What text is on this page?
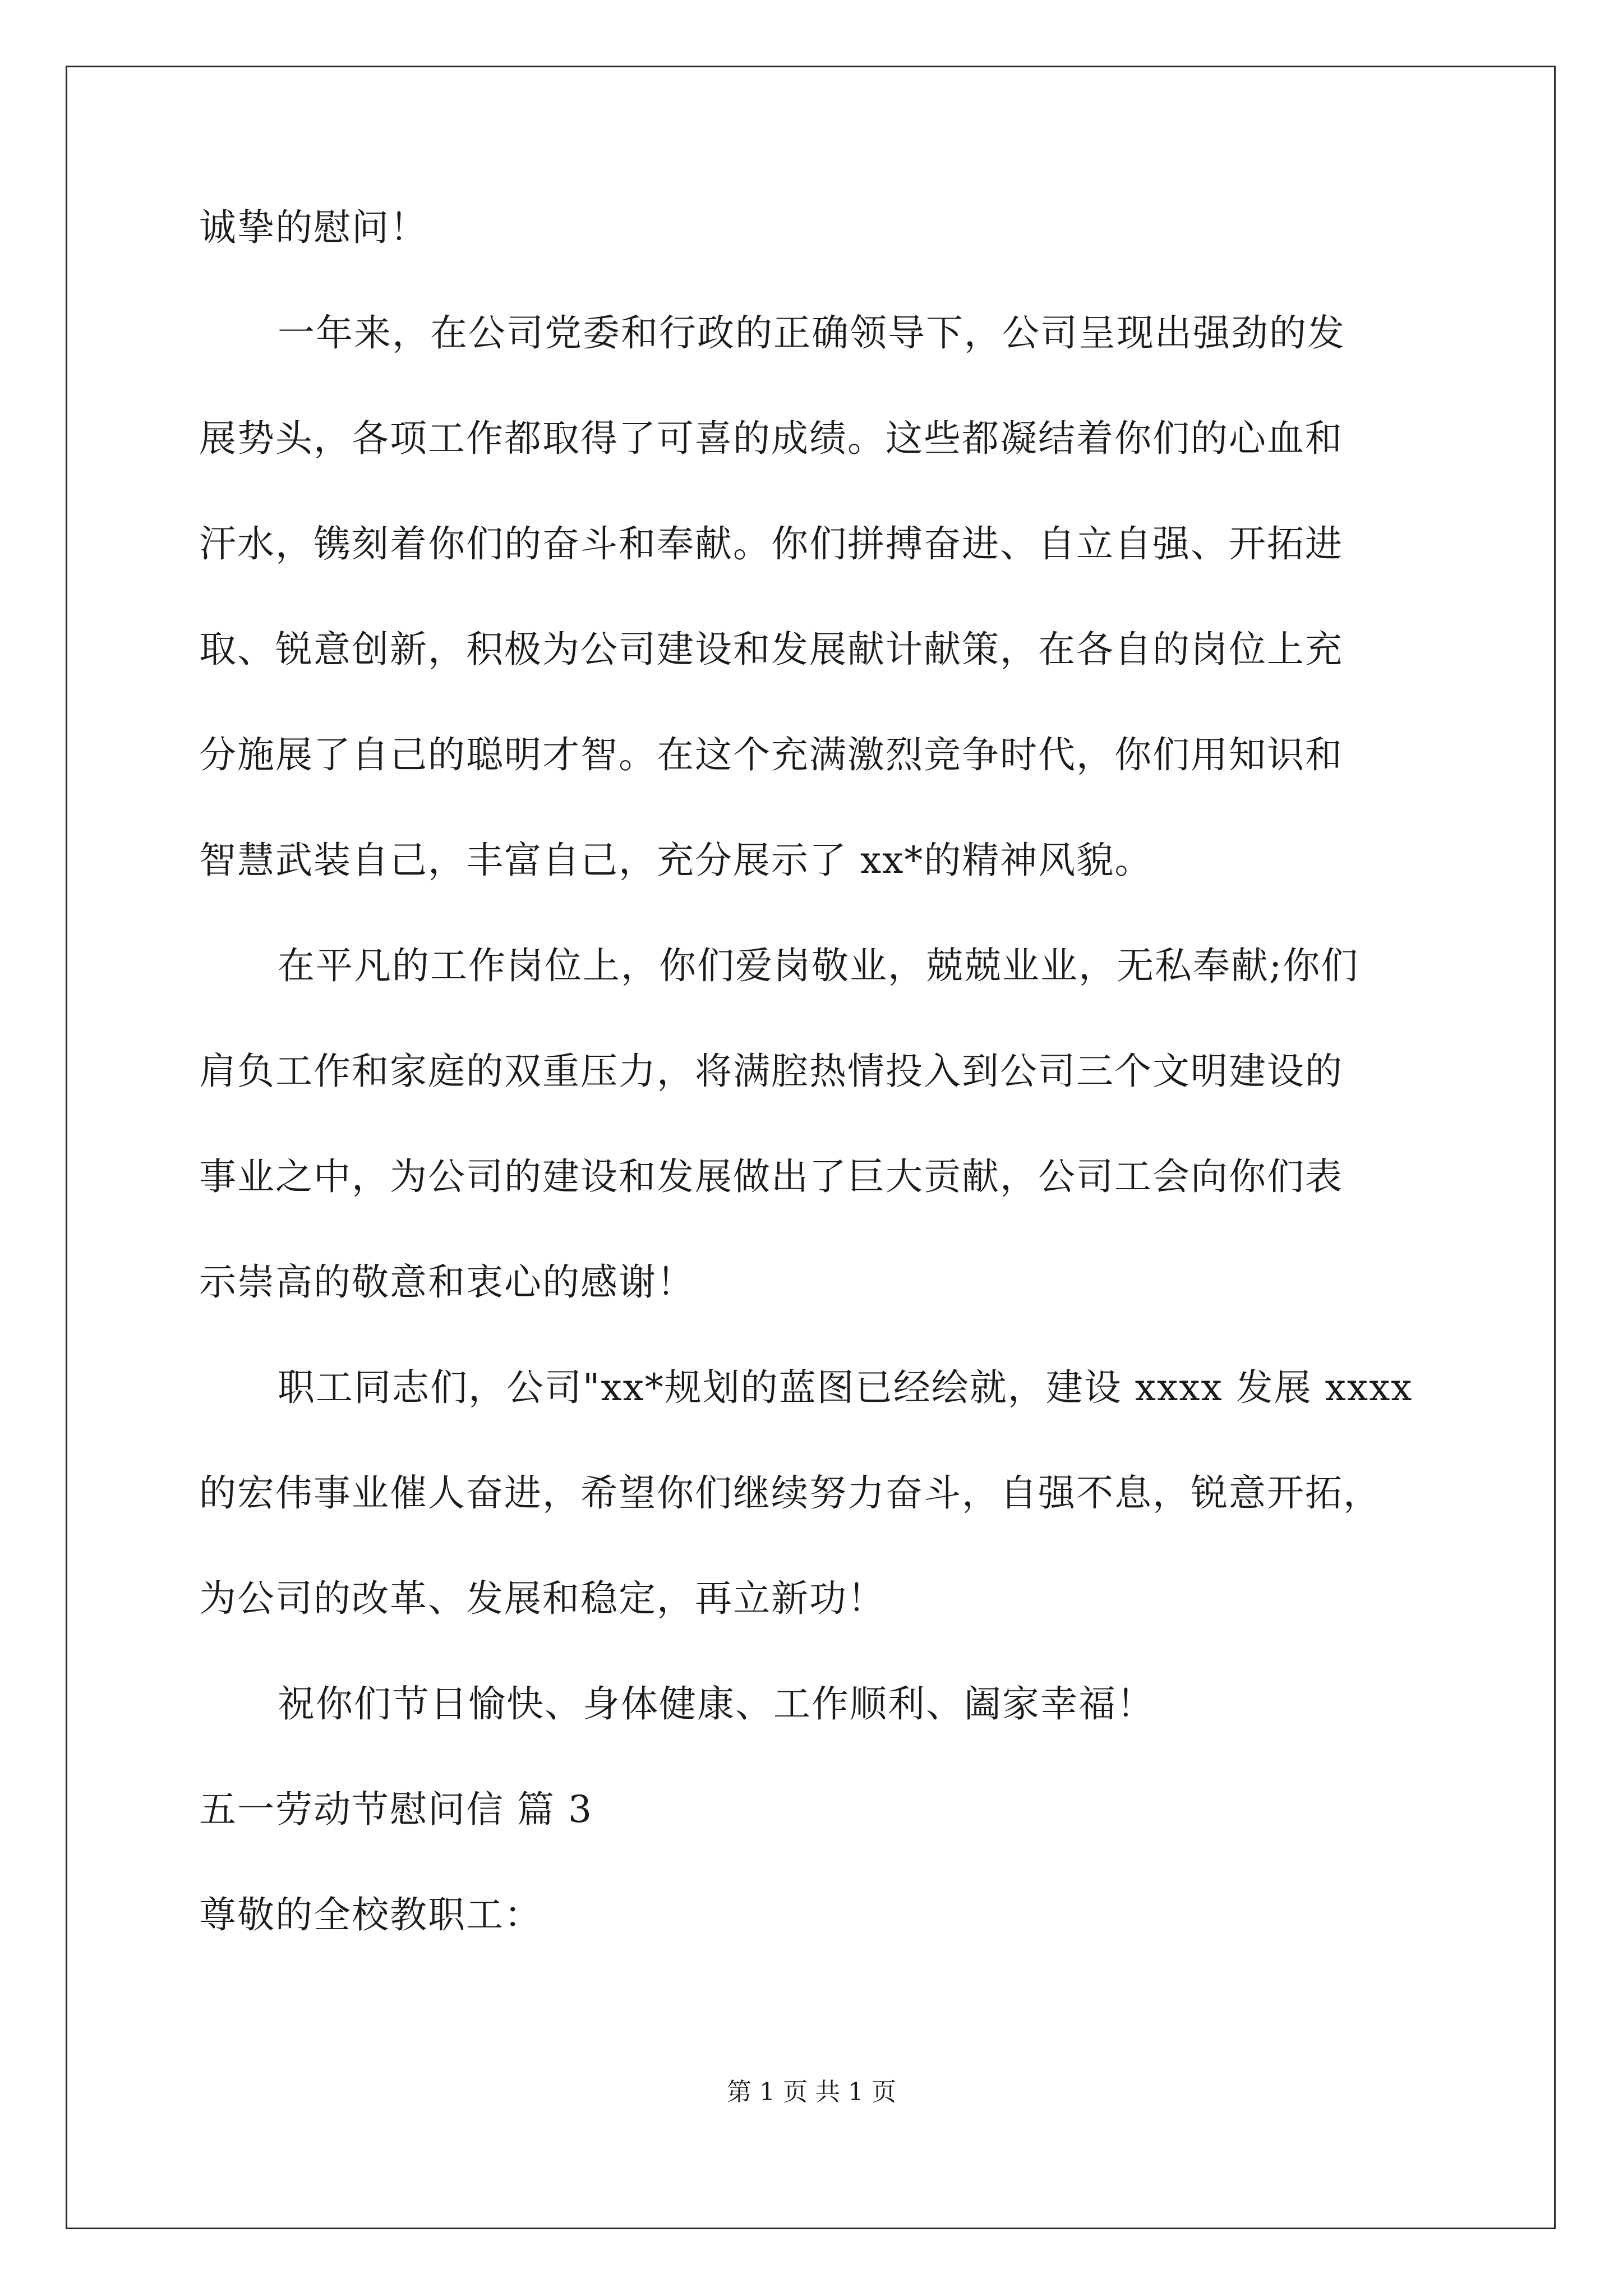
诚挚的慰问！
一年来，在公司党委和行政的正确领导下，公司呈现出强劲的发
展势头，各项工作都取得了可喜的成绩。这些都凝结着你们的心血和
汗水，镌刻着你们的奋斗和奉献。你们拼搏奋进、自立自强、开拓进
取、锐意创新，积极为公司建设和发展献计献策，在各自的岗位上充
分施展了自己的聪明才智。在这个充满激烈竞争时代，你们用知识和
智慧武装自己，丰富自己，充分展示了 xx*的精神风貌。
在平凡的工作岗位上，你们爱岗敬业，兢兢业业，无私奉献;你们
肩负工作和家庭的双重压力，将满腔热情投入到公司三个文明建设的
事业之中，为公司的建设和发展做出了巨大贡献，公司工会向你们表
示崇高的敬意和衷心的感谢！
职工同志们，公司"xx*规划的蓝图已经绘就，建设 xxxx 发展 xxxx
的宏伟事业催人奋进，希望你们继续努力奋斗，自强不息，锐意开拓，
为公司的改革、发展和稳定，再立新功！
祝你们节日愉快、身体健康、工作顺利、阖家幸福！
五一劳动节慰问信 篇 3
尊敬的全校教职工：
第 1 页 共 1 页
